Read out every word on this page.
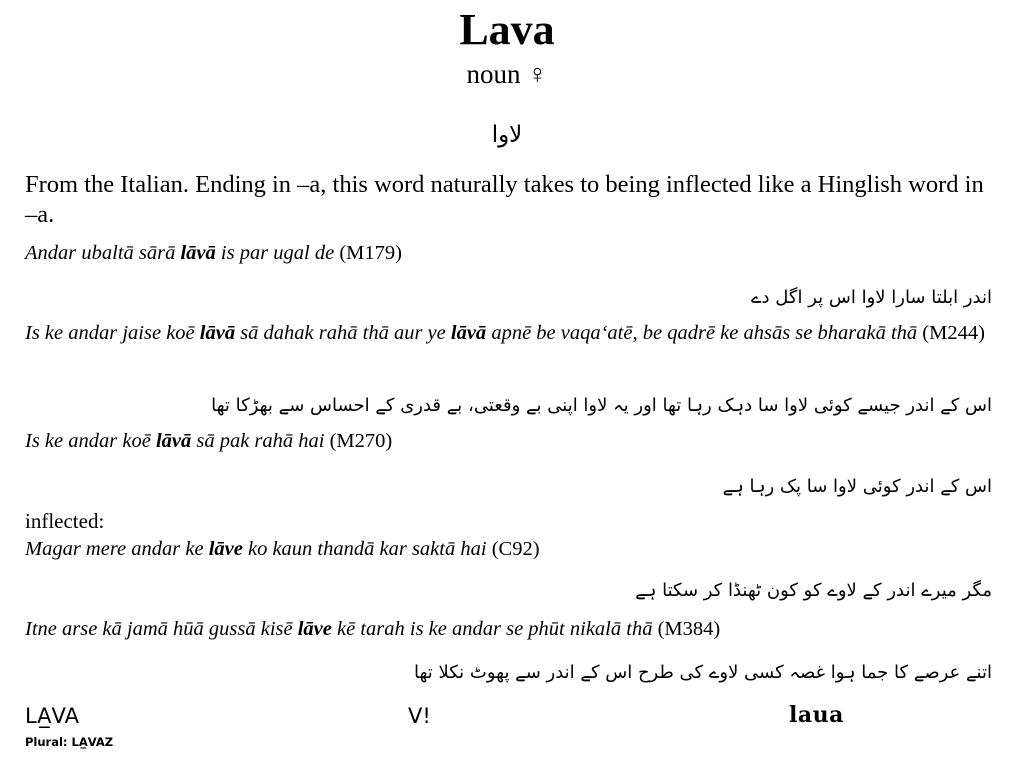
Lava
noun ♀
لاوا
From the Italian. Ending in –a, this word naturally takes to being inflected like a Hinglish word in –a.
Andar ubaltā sārā lāvā is par ugal de (M179)
اندر ابلتا سارا لاوا اس پر اگل دے
Is ke andar jaise koē lāvā sā dahak rahā thā aur ye lāvā apnē be vaqa‘atē, be qadrē ke ahsās se bharakā thā (M244)
اس کے اندر جیسے کوئی لاوا سا دہک رہا تھا اور یہ لاوا اپنی بے وقعتی، بے قدری کے احساس سے بھڑکا تھا
Is ke andar koē lāvā sā pak rahā hai (M270)
اس کے اندر کوئی لاوا سا پک رہا ہے
inflected:
Magar mere andar ke lāve ko kaun thandā kar saktā hai (C92)
مگر میرے اندر کے لاوے کو کون ٹھنڈا کر سکتا ہے
Itne arse kā jamā hūā gussā kisē lāve kē tarah is ke andar se phūt nikalā thā (M384)
اتنے عرصے کا جما ہوا غصہ کسی لاوے کی طرح اس کے اندر سے پھوٹ نکلا تھا
LA̲VA
Plural: LA̲VAZ
V!	laua
